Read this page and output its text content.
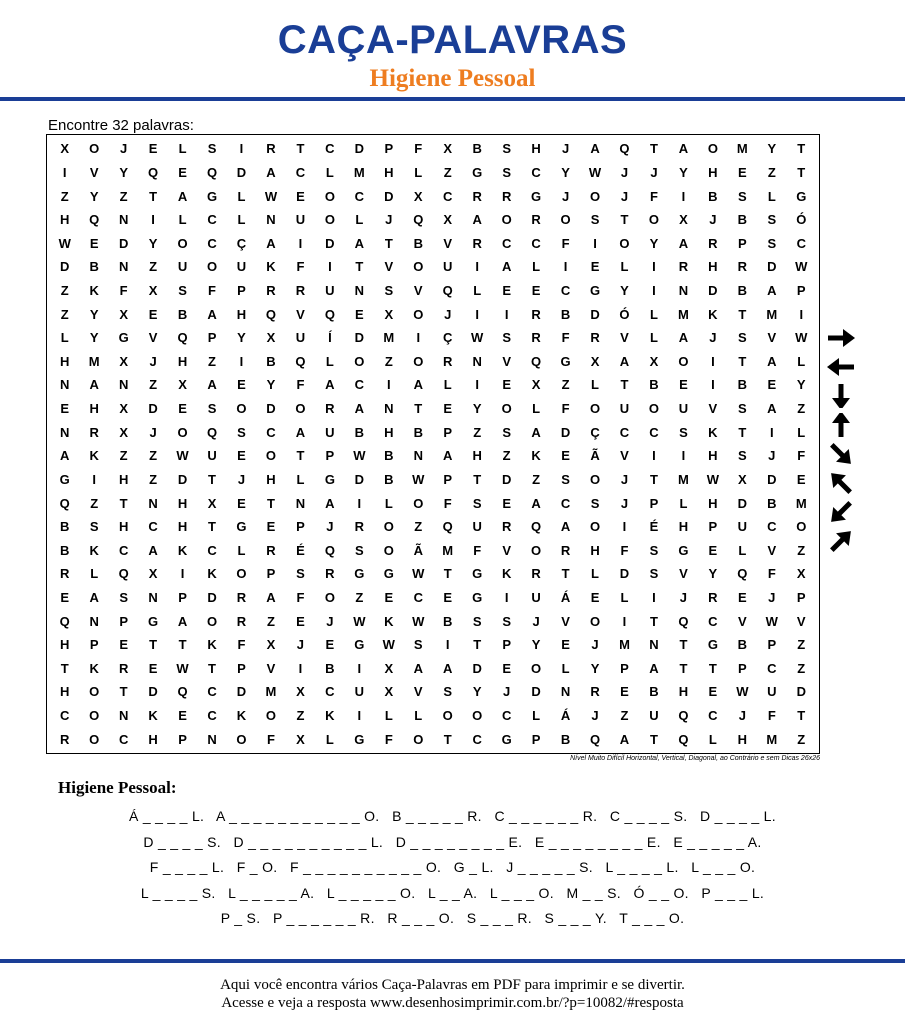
CAÇA-PALAVRAS
Higiene Pessoal
Encontre 32 palavras:
X	O	J	E	L	S	I	R	T	C	D	P	F	X	B	S	H	J	A	Q	T	A	O	M	Y	T
I	V	Y	Q	E	Q	D	A	C	L	M	H	L	Z	G	S	C	Y	W	J	J	Y	H	E	Z	T
Z	Y	Z	T	A	G	L	W	E	O	C	D	X	C	R	R	G	J	O	J	F	I	B	S	L	G
H	Q	N	I	L	C	L	N	U	O	L	J	Q	X	A	O	R	O	S	T	O	X	J	B	S	Ó
W	E	D	Y	O	C	Ç	A	I	D	A	T	B	V	R	C	C	F	I	O	Y	A	R	P	S	C
D	B	N	Z	U	O	U	K	F	I	T	V	O	U	I	A	L	I	E	L	I	R	H	R	D	W
Z	K	F	X	S	F	P	R	R	U	N	S	V	Q	L	E	E	C	G	Y	I	N	D	B	A	P
Z	Y	X	E	B	A	H	Q	V	Q	E	X	O	J	I	I	R	B	D	Ó	L	M	K	T	M	I
L	Y	G	V	Q	P	Y	X	U	Í	D	M	I	Ç	W	S	R	F	R	V	L	A	J	S	V	W
H	M	X	J	H	Z	I	B	Q	L	O	Z	O	R	N	V	Q	G	X	A	X	O	I	T	A	L
N	A	N	Z	X	A	E	Y	F	A	C	I	A	L	I	E	X	Z	L	T	B	E	I	B	E	Y
E	H	X	D	E	S	O	D	O	R	A	N	T	E	Y	O	L	F	O	U	O	U	V	S	A	Z
N	R	X	J	O	Q	S	C	A	U	B	H	B	P	Z	S	A	D	Ç	C	C	S	K	T	I	L
A	K	Z	Z	W	U	E	O	T	P	W	B	N	A	H	Z	K	E	Ã	V	I	I	H	S	J	F
G	I	H	Z	D	T	J	H	L	G	D	B	W	P	T	D	Z	S	O	J	T	M	W	X	D	E
Q	Z	T	N	H	X	E	T	N	A	I	L	O	F	S	E	A	C	S	J	P	L	H	D	B	M
B	S	H	C	H	T	G	E	P	J	R	O	Z	Q	U	R	Q	A	O	I	É	H	P	U	C	O
B	K	C	A	K	C	L	R	É	Q	S	O	Ã	M	F	V	O	R	H	F	S	G	E	L	V	Z
R	L	Q	X	I	K	O	P	S	R	G	G	W	T	G	K	R	T	L	D	S	V	Y	Q	F	X
E	A	S	N	P	D	R	A	F	O	Z	E	C	E	G	I	U	Á	E	L	I	J	R	E	J	P
Q	N	P	G	A	O	R	Z	E	J	W	K	W	B	S	S	J	V	O	I	T	Q	C	V	W	V
H	P	E	T	T	K	F	X	J	E	G	W	S	I	T	P	Y	E	J	M	N	T	G	B	P	Z
T	K	R	E	W	T	P	V	I	B	I	X	A	A	D	E	O	L	Y	P	A	T	T	P	C	Z
H	O	T	D	Q	C	D	M	X	C	U	X	V	S	Y	J	D	N	R	E	B	H	E	W	U	D
C	O	N	K	E	C	K	O	Z	K	I	L	L	O	O	C	L	Á	J	Z	U	Q	C	J	F	T
R	O	C	H	P	N	O	F	X	L	G	F	O	T	C	G	P	B	Q	A	T	Q	L	H	M	Z
Nível Muito Difícil Horizontal, Vertical, Diagonal, ao Contrário e sem Dicas 26x26
Higiene Pessoal:
Á _ _ _ _ L.   A _ _ _ _ _ _ _ _ _ _ _ O.   B _ _ _ _ _ R.   C _ _ _ _ _ _ R.   C _ _ _ _ S.   D _ _ _ _ L.
D _ _ _ _ S.   D _ _ _ _ _ _ _ _ _ _ L.   D _ _ _ _ _ _ _ _ E.   E _ _ _ _ _ _ _ _ E.   E _ _ _ _ _ A.
F _ _ _ _ L.   F _ O.   F _ _ _ _ _ _ _ _ _ _ O.   G _ L.   J _ _ _ _ _ S.   L _ _ _ _ L.   L _ _ _ O.
L _ _ _ _ S.   L _ _ _ _ _ A.   L _ _ _ _ _ O.   L _ _ A.   L _ _ _ O.   M _ _ S.   Ó _ _ O.   P _ _ _ L.
P _ S.   P _ _ _ _ _ _ R.   R _ _ _ O.   S _ _ _ R.   S _ _ _ Y.   T _ _ _ O.
Aqui você encontra vários Caça-Palavras em PDF para imprimir e se divertir.
Acesse e veja a resposta www.desenhosimprimir.com.br/?p=10082/#resposta
